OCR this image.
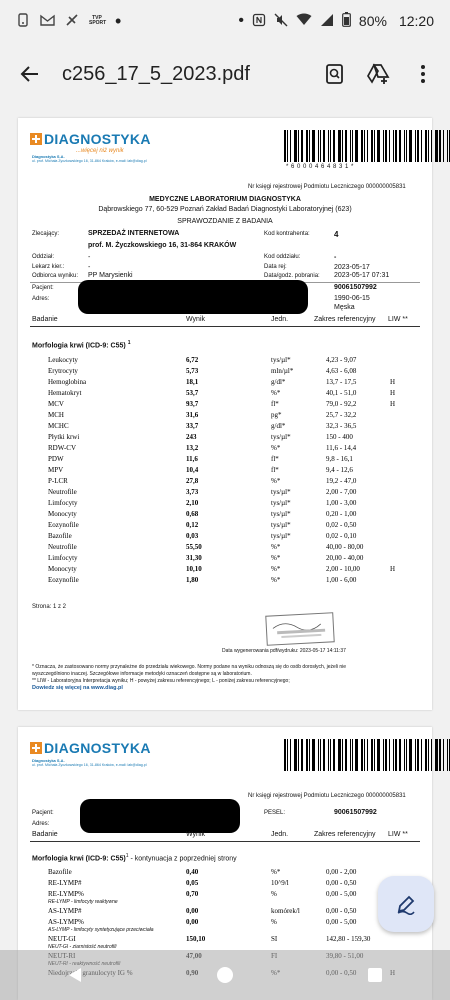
TVP SPORT •	•	80% 12:20
c256_17_5_2023.pdf
DIAGNOSTYKA
...więcej niż wynik
Diagnostyka S.A.
ul. prof. Michała Życzkowskiego 16, 31-864 Kraków, e-mail: lab@diag.pl
* 6 0 0 0 4 6 4 8 3 1 *
Nr księgi rejestrowej Podmiotu Leczniczego 000000005831
MEDYCZNE LABORATORIUM DIAGNOSTYKA
Dąbrowskiego 77, 60-529 Poznań Zakład Badań Diagnostyki Laboratoryjnej (623)
SPRAWOZDANIE Z BADANIA
Zlecający:	SPRZEDAŻ INTERNETOWA
prof. M. Życzkowskiego 16, 31-864 KRAKÓW
Kod kontrahenta:	4
Oddział:	-	Kod oddziału:	-
Lekarz kier.:	-	Data rej:	2023-05-17
Odbiorca wyniku: PP Marysienki	Data/godz. pobrania: 2023-05-17 07:31
Pacjent:	90061507992
Adres:	1990-06-15
Męska
Badanie	Wynik	Jedn.	Zakres referencyjny LIW **
Morfologia krwi (ICD-9: C55) $^1$
Leukocyty	6,72	tys/µl*	4,23 - 9,07
Erytrocyty	5,73	mln/µl*	4,63 - 6,08
Hemoglobina	18,1	g/dl*	13,7 - 17,5	H
Hematokryt	53,7	%*	40,1 - 51,0	H
MCV	93,7	fl*	79,0 - 92,2	H
MCH	31,6	pg*	25,7 - 32,2
MCHC	33,7	g/dl*	32,3 - 36,5
Płytki krwi	243	tys/µl*	150 - 400
RDW-CV	13,2	%*	11,6 - 14,4
PDW	11,6	fl*	9,8 - 16,1
MPV	10,4	fl*	9,4 - 12,6
P-LCR	27,8	%*	19,2 - 47,0
Neutrofile	3,73	tys/µl*	2,00 - 7,00
Limfocyty	2,10	tys/µl*	1,00 - 3,00
Monocyty	0,68	tys/µl*	0,20 - 1,00
Eozynofile	0,12	tys/µl*	0,02 - 0,50
Bazofile	0,03	tys/µl*	0,02 - 0,10
Neutrofile	55,50	%*	40,00 - 80,00
Limfocyty	31,30	%*	20,00 - 40,00
Monocyty	10,10	%*	2,00 - 10,00	H
Eozynofile	1,80	%*	1,00 - 6,00
Strona: 1 z 2
Data wygenerowania pdf/wydruku: 2023-05-17 14:11:37
* Oznacza, że zastosowano normy przynależne do przedziału wiekowego. Normy podane na wyniku odnoszą się do osób dorosłych, jeżeli nie
wyszczególniono inaczej. Szczegółowe informacje metodyki oznaczeń dostępne są w laboratorium.
** LIW - Laboratoryjna Interpretacja wyniku; H - powyżej zakresu referencyjnego; L - poniżej zakresu referencyjnego;
Dowiedz się więcej na www.diag.pl
DIAGNOSTYKA
Diagnostyka S.A.
ul. prof. Michała Życzkowskiego 16, 31-864 Kraków, e-mail: lab@diag.pl
Nr księgi rejestrowej Podmiotu Leczniczego 000000005831
Pacjent:	PESEL:	90061507992
Adres:
Badanie	Wynik	Jedn.	Zakres referencyjny LIW **
Morfologia krwi (ICD-9: C55)$^1$ - kontynuacja z poprzedniej strony
Bazofile	0,40	%*	0,00 - 2,00
RE-LYMP#	0,05	10^9/l	0,00 - 0,50
RE-LYMP%	0,70	%	0,00 - 5,00
RE-LYMP - limfocyty reaktywne
AS-LYMP#	0,00	komórek/l	0,00 - 0,50
AS-LYMP%	0,00	%	0,00 - 5,00
AS-LYMP - limfocyty syntetyzujące przeciwciała
NEUT-GI	150,10	SI	142,80 - 159,30
NEUT-GI - ziarnistość neutrofili
